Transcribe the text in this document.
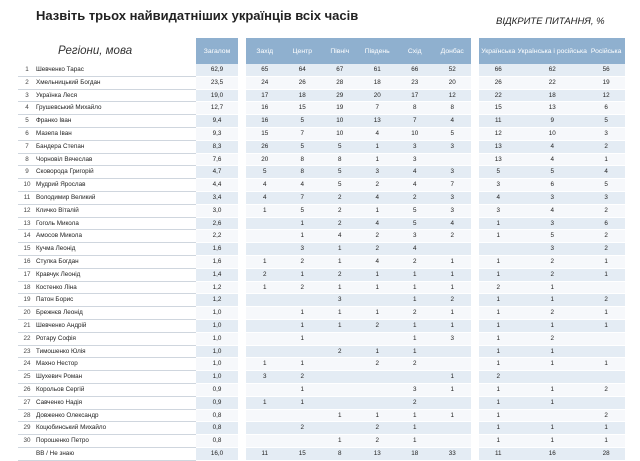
Назвіть трьох найвидатніших українців всіх часів	ВІДКРИТЕ ПИТАННЯ, %
	Регіони, мова	Загалом		Захід	Центр	Північ	Південь	Схід	Донбас		Українська	Українська і російська	Російська
1	Шевченко Тарас	62,9		65	64	67	61	66	52		66	62	56
2	Хмельницький Богдан	23,5		24	26	28	18	23	20		26	22	19
3	Українка Леся	19,0		17	18	29	20	17	12		22	18	12
4	Грушевський Михайло	12,7		16	15	19	7	8	8		15	13	6
5	Франко Іван	9,4		16	5	10	13	7	4		11	9	5
6	Мазепа Іван	9,3		15	7	10	4	10	5		12	10	3
7	Бандера Степан	8,3		26	5	5	1	3	3		13	4	2
8	Чорновіл Вячеслав	7,6		20	8	8	1	3			13	4	1
9	Сковорода Григорій	4,7		5	8	5	3	4	3		5	5	4
10	Мудрий Ярослав	4,4		4	4	5	2	4	7		3	6	5
11	Володимир Великий	3,4		4	7	2	4	2	3		4	3	3
12	Кличко Віталій	3,0		1	5	2	1	5	3		3	4	2
13	Гоголь Микола	2,6			1	2	4	5	4		1	3	6
14	Амосов Микола	2,2			1	4	2	3	2		1	5	2
15	Кучма Леонід	1,6			3	1	2	4				3	2
16	Стулка Богдан	1,6		1	2	1	4	2	1		1	2	1
17	Кравчук Леонід	1,4		2	1	2	1	1	1		1	2	1
18	Костенко Ліна	1,2		1	2	1	1	1	1		2	1	
19	Патон Борис	1,2				3		1	2		1	1	2
20	Брежнєв Леонід	1,0			1	1	1	2	1		1	2	1
21	Шевченко Андрій	1,0			1	1	2	1	1		1	1	1
22	Ротару Софія	1,0			1			1	3		1	2	
23	Тимошенко Юлія	1,0				2	1	1			1	1	
24	Махно Нестор	1,0		1	1		2	2			1	1	1
25	Шухевич Роман	1,0		3	2				1		2		
26	Корольов Сергій	0,9			1			3	1		1	1	2
27	Савченко Надія	0,9		1	1			2			1	1	
28	Довженко Олександр	0,8				1	1	1	1		1		2
29	Коцюбинський Михайло	0,8			2		2	1			1	1	1
30	Порошенко Петро	0,8				1	2	1			1	1	1
	ВВ / Не знаю	16,0		11	15	8	13	18	33		11	16	28
